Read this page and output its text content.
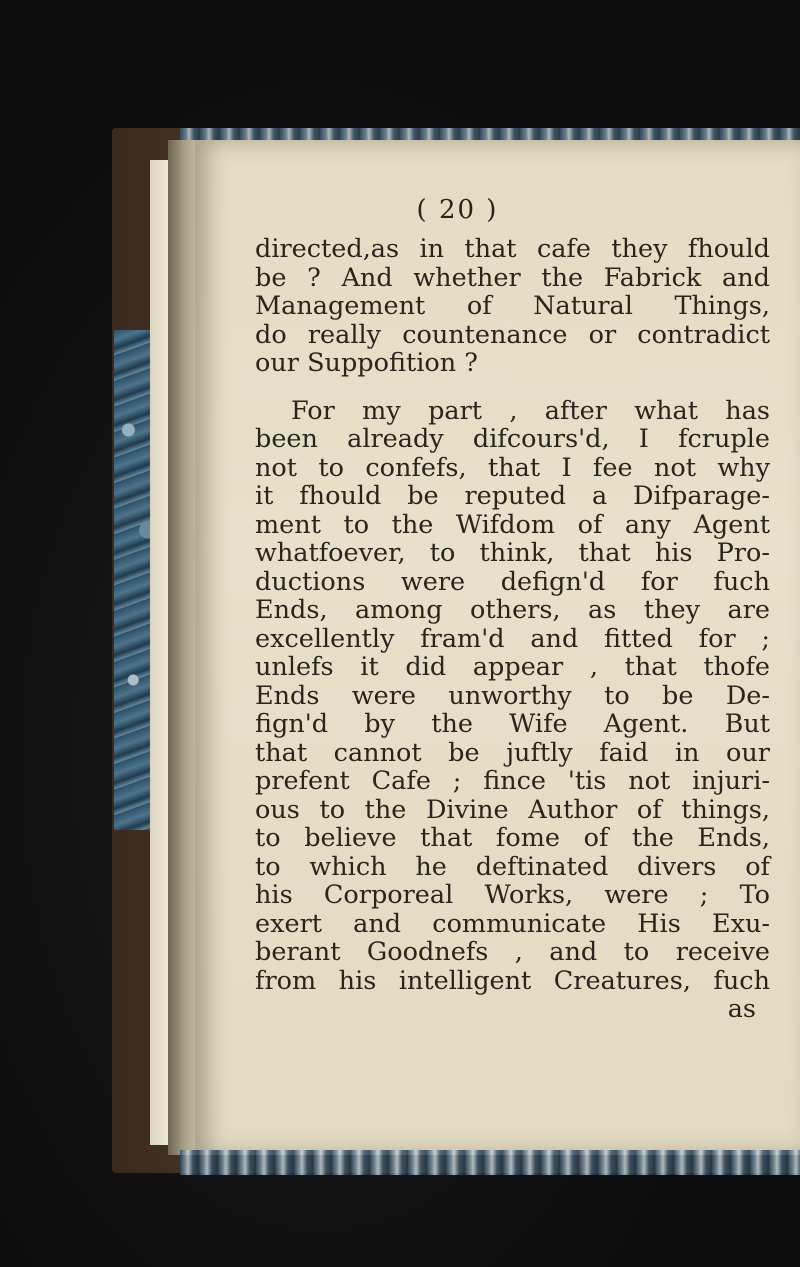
( 20 )
directed,as in that cafe they fhould
be ? And whether the Fabrick and
Management of Natural Things,
do really countenance or contradict
our Suppofition ?
For my part , after what has
been already difcours'd, I fcruple
not to confefs, that I fee not why
it fhould be reputed a Difparage-
ment to the Wifdom of any Agent
whatfoever, to think, that his Pro-
ductions were defign'd for fuch
Ends, among others, as they are
excellently fram'd and fitted for ;
unlefs it did appear , that thofe
Ends were unworthy to be De-
fign'd by the Wife Agent. But
that cannot be juftly faid in our
prefent Cafe ; fince 'tis not injuri-
ous to the Divine Author of things,
to believe that fome of the Ends,
to which he deftinated divers of
his Corporeal Works, were ; To
exert and communicate His Exu-
berant Goodnefs , and to receive
from his intelligent Creatures, fuch
as
